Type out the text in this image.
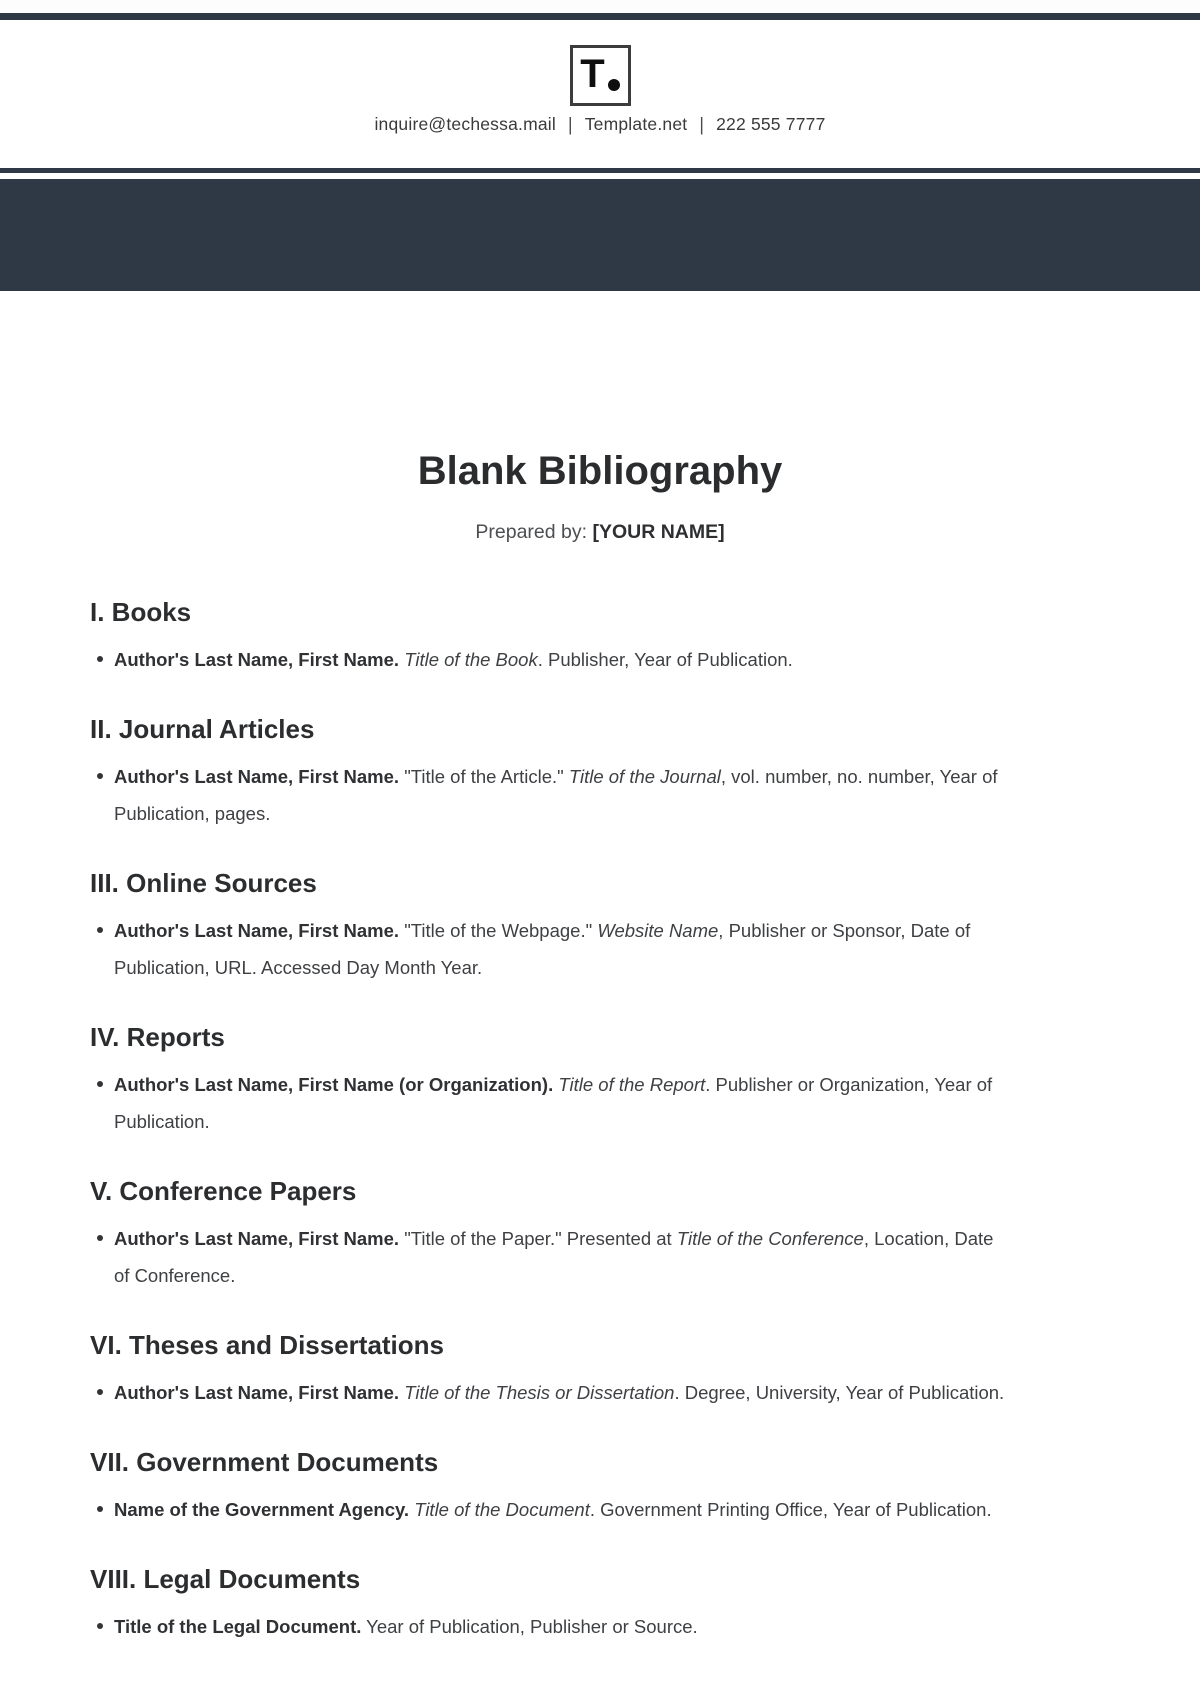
T
inquire@techessa.mail | Template.net | 222 555 7777
Blank Bibliography

Prepared by: [YOUR NAME]

I. Books
Author's Last Name, First Name. Title of the Book. Publisher, Year of Publication.
II. Journal Articles
Author's Last Name, First Name. "Title of the Article." Title of the Journal, vol. number, no. number, Year of Publication, pages.
III. Online Sources
Author's Last Name, First Name. "Title of the Webpage." Website Name, Publisher or Sponsor, Date of Publication, URL. Accessed Day Month Year.
IV. Reports
Author's Last Name, First Name (or Organization). Title of the Report. Publisher or Organization, Year of Publication.
V. Conference Papers
Author's Last Name, First Name. "Title of the Paper." Presented at Title of the Conference, Location, Date of Conference.
VI. Theses and Dissertations
Author's Last Name, First Name. Title of the Thesis or Dissertation. Degree, University, Year of Publication.
VII. Government Documents
Name of the Government Agency. Title of the Document. Government Printing Office, Year of Publication.
VIII. Legal Documents
Title of the Legal Document. Year of Publication, Publisher or Source.
